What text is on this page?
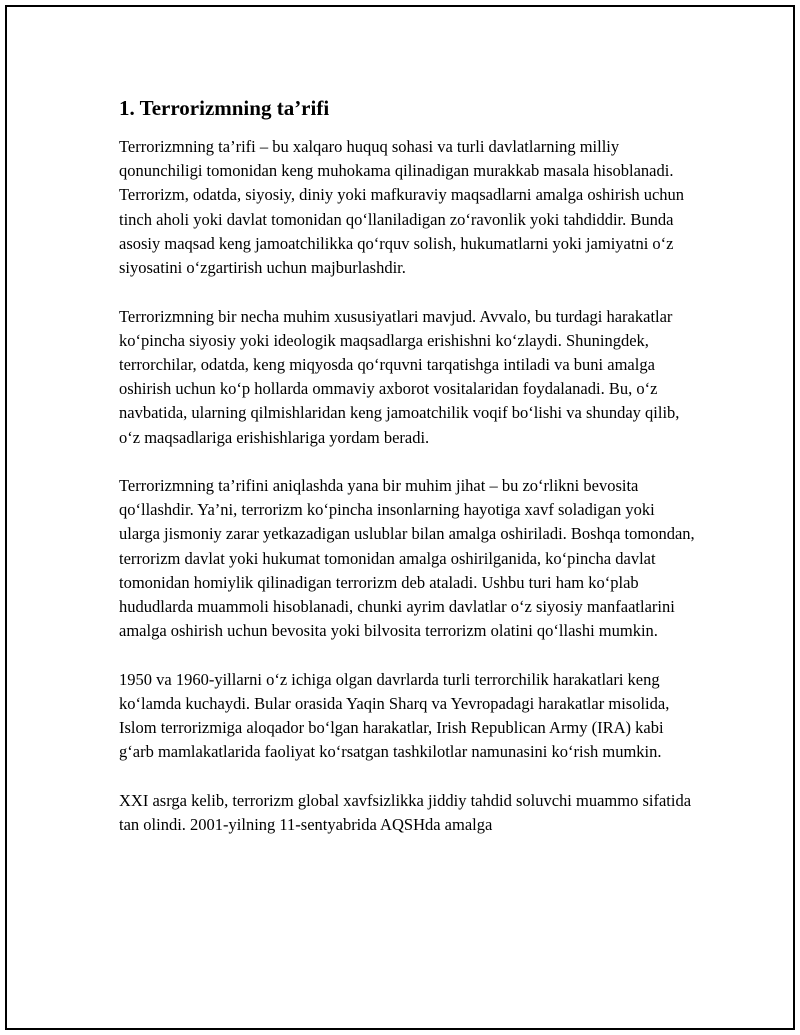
1. Terrorizmning ta’rifi

Terrorizmning ta’rifi – bu xalqaro huquq sohasi va turli davlatlarning milliy qonunchiligi tomonidan keng muhokama qilinadigan murakkab masala hisoblanadi. Terrorizm, odatda, siyosiy, diniy yoki mafkuraviy maqsadlarni amalga oshirish uchun tinch aholi yoki davlat tomonidan qo‘llaniladigan zo‘ravonlik yoki tahdiddir. Bunda asosiy maqsad keng jamoatchilikka qo‘rquv solish, hukumatlarni yoki jamiyatni o‘z siyosatini o‘zgartirish uchun majburlashdir.

Terrorizmning bir necha muhim xususiyatlari mavjud. Avvalo, bu turdagi harakatlar ko‘pincha siyosiy yoki ideologik maqsadlarga erishishni ko‘zlaydi. Shuningdek, terrorchilar, odatda, keng miqyosda qo‘rquvni tarqatishga intiladi va buni amalga oshirish uchun ko‘p hollarda ommaviy axborot vositalaridan foydalanadi. Bu, o‘z navbatida, ularning qilmishlaridan keng jamoatchilik voqif bo‘lishi va shunday qilib, o‘z maqsadlariga erishishlariga yordam beradi.

Terrorizmning ta’rifini aniqlashda yana bir muhim jihat – bu zo‘rlikni bevosita qo‘llashdir. Ya’ni, terrorizm ko‘pincha insonlarning hayotiga xavf soladigan yoki ularga jismoniy zarar yetkazadigan uslublar bilan amalga oshiriladi. Boshqa tomondan, terrorizm davlat yoki hukumat tomonidan amalga oshirilganida, ko‘pincha davlat tomonidan homiylik qilinadigan terrorizm deb ataladi. Ushbu turi ham ko‘plab hududlarda muammoli hisoblanadi, chunki ayrim davlatlar o‘z siyosiy manfaatlarini amalga oshirish uchun bevosita yoki bilvosita terrorizm olatini qo‘llashi mumkin.

1950 va 1960-yillarni o‘z ichiga olgan davrlarda turli terrorchilik harakatlari keng ko‘lamda kuchaydi. Bular orasida Yaqin Sharq va Yevropadagi harakatlar misolida, Islom terrorizmiga aloqador bo‘lgan harakatlar, Irish Republican Army (IRA) kabi g‘arb mamlakatlarida faoliyat ko‘rsatgan tashkilotlar namunasini ko‘rish mumkin.

XXI asrga kelib, terrorizm global xavfsizlikka jiddiy tahdid soluvchi muammo sifatida tan olindi. 2001-yilning 11-sentyabrida AQSHda amalga
